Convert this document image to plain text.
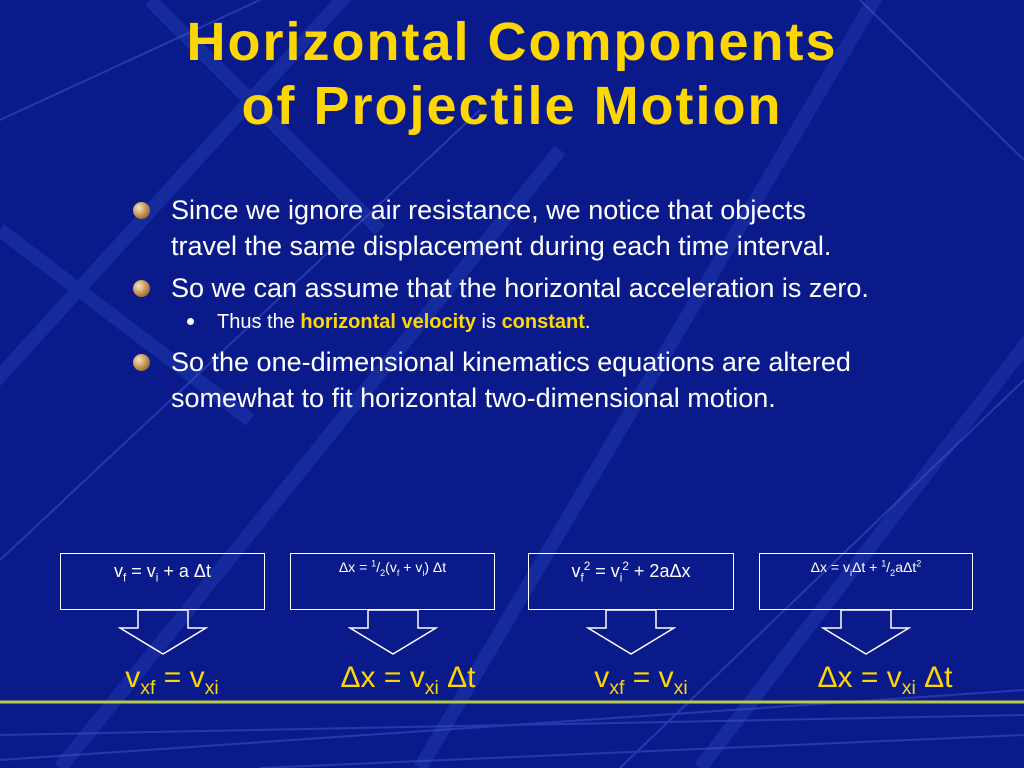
Horizontal Components
of Projectile Motion
Since we ignore air resistance, we notice that objects travel the same displacement during each time interval.
So we can assume that the horizontal acceleration is zero.
Thus the horizontal velocity is constant.
So the one-dimensional kinematics equations are altered somewhat to fit horizontal two-dimensional motion.
$v_f = v_i + a$ Δt	$\Delta x = ^1/_2(v_f + v_i)$ Δt	$v_f^2 = v_i^2 + 2a\Delta x$	$\Delta x = v_i\Delta t + ^1/_2a\Delta t^2$
$v_{xf} = v_{xi}$	$\Delta x = v_{xi}$ Δt	$v_{xf} = v_{xi}$	$\Delta x = v_{xi}$ Δt
